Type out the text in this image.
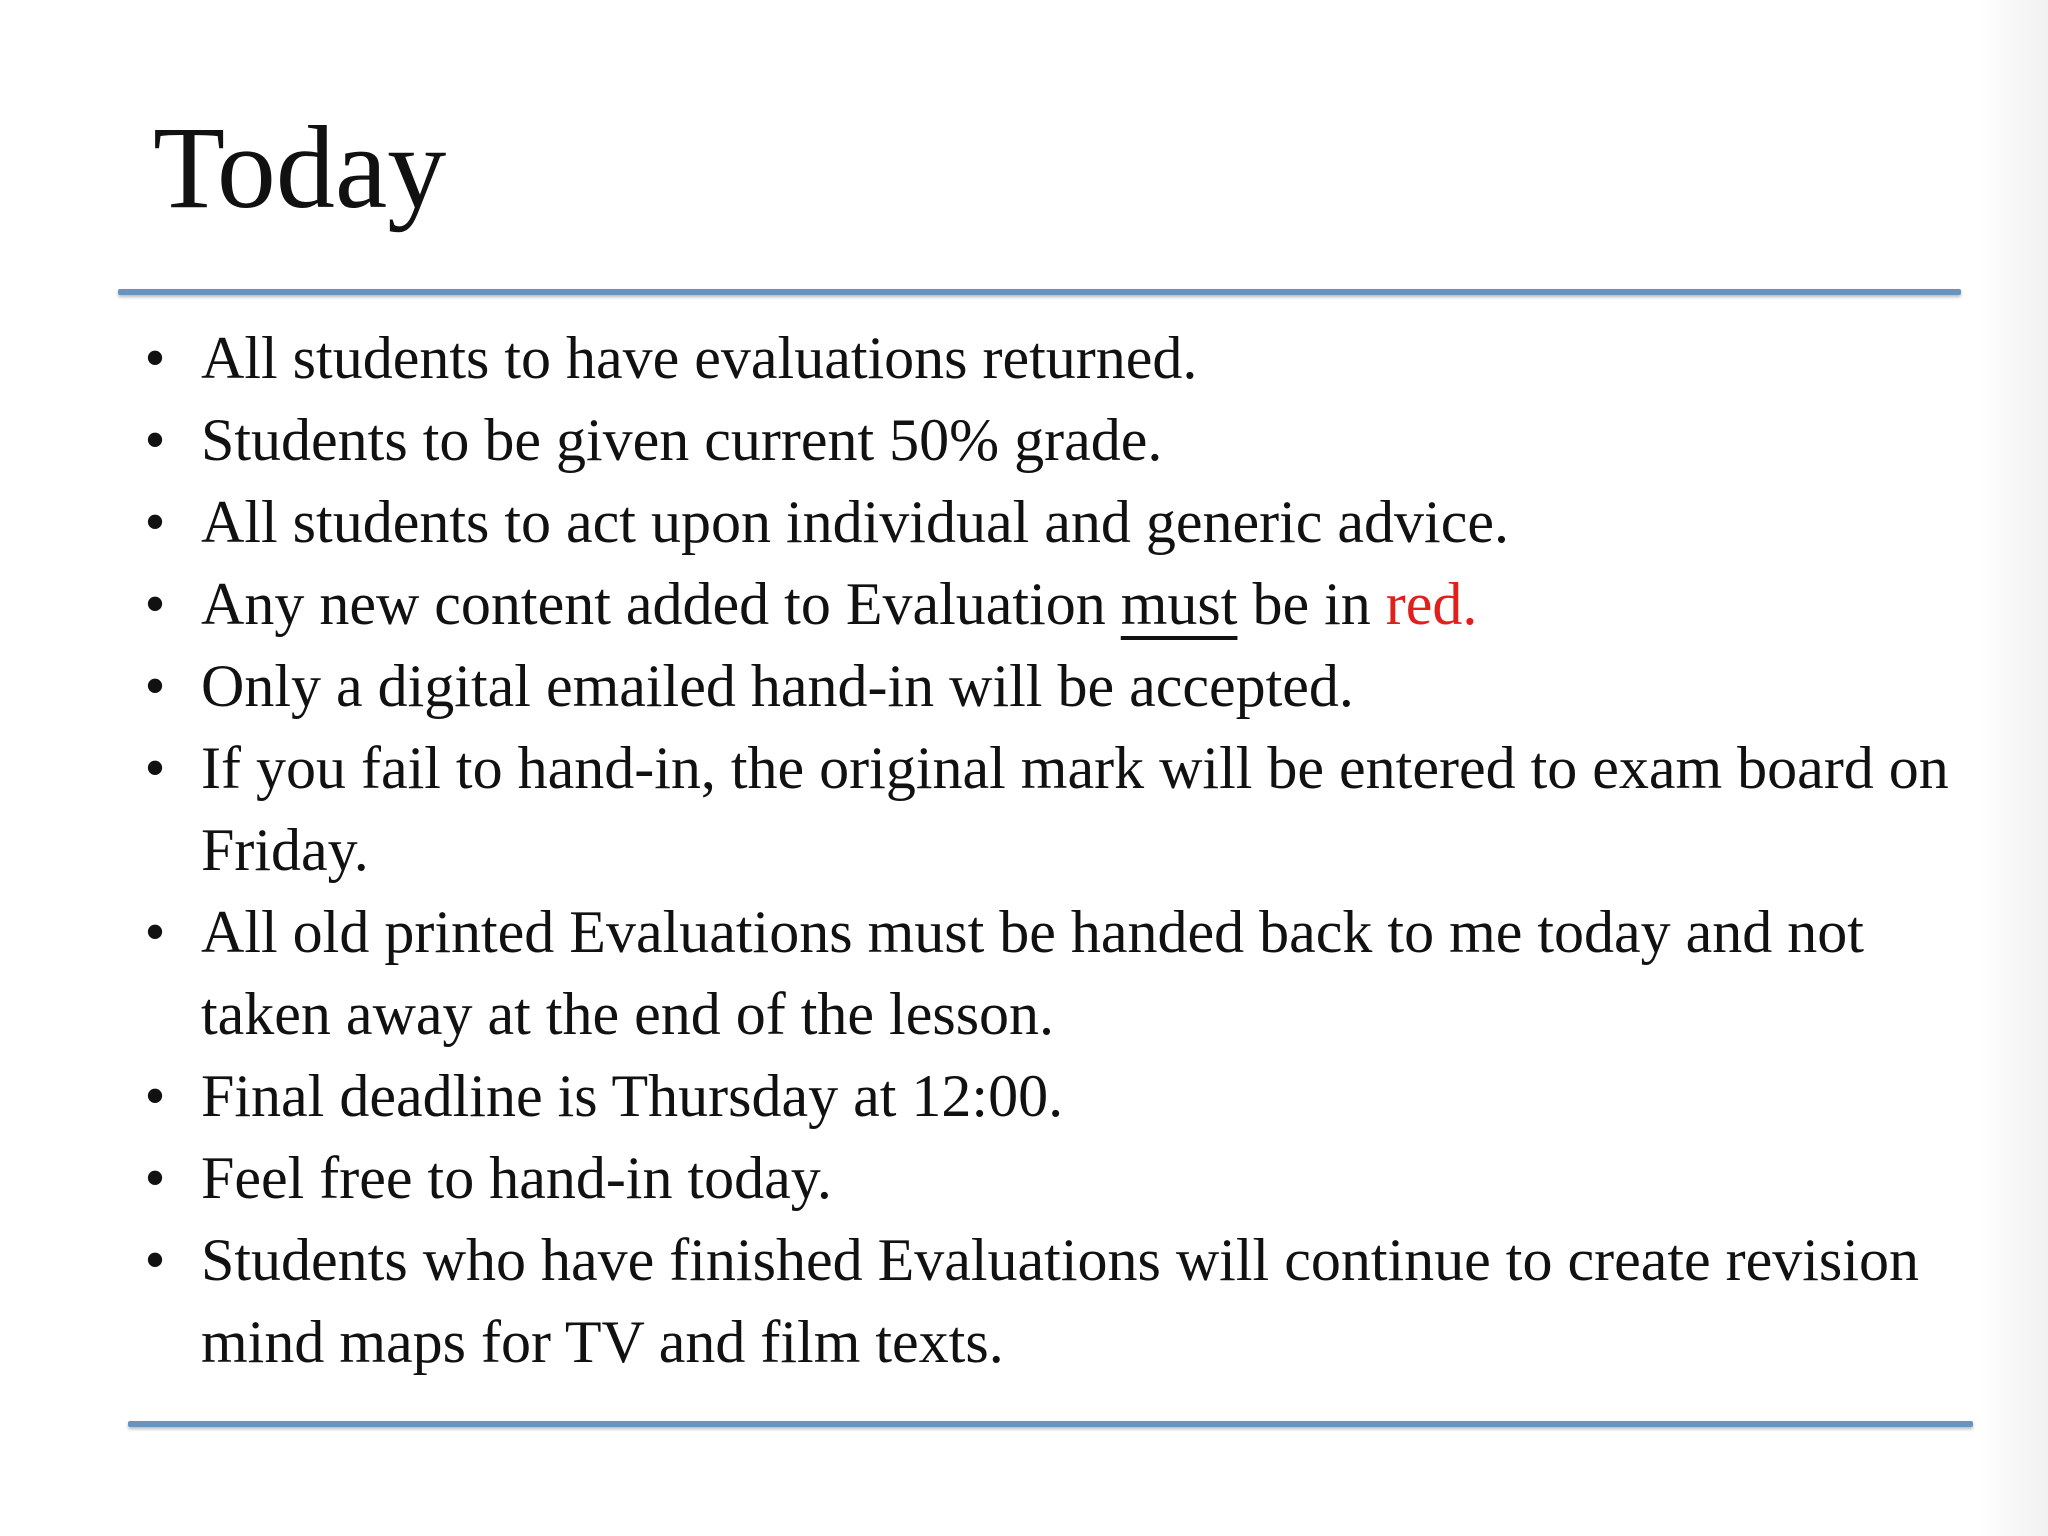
Today
• All students to have evaluations returned.
• Students to be given current 50% grade.
• All students to act upon individual and generic advice.
• Any new content added to Evaluation must be in red.
• Only a digital emailed hand-in will be accepted.
• If you fail to hand-in, the original mark will be entered to exam board on Friday.
• All old printed Evaluations must be handed back to me today and not taken away at the end of the lesson.
• Final deadline is Thursday at 12:00.
• Feel free to hand-in today.
• Students who have finished Evaluations will continue to create revision mind maps for TV and film texts.
